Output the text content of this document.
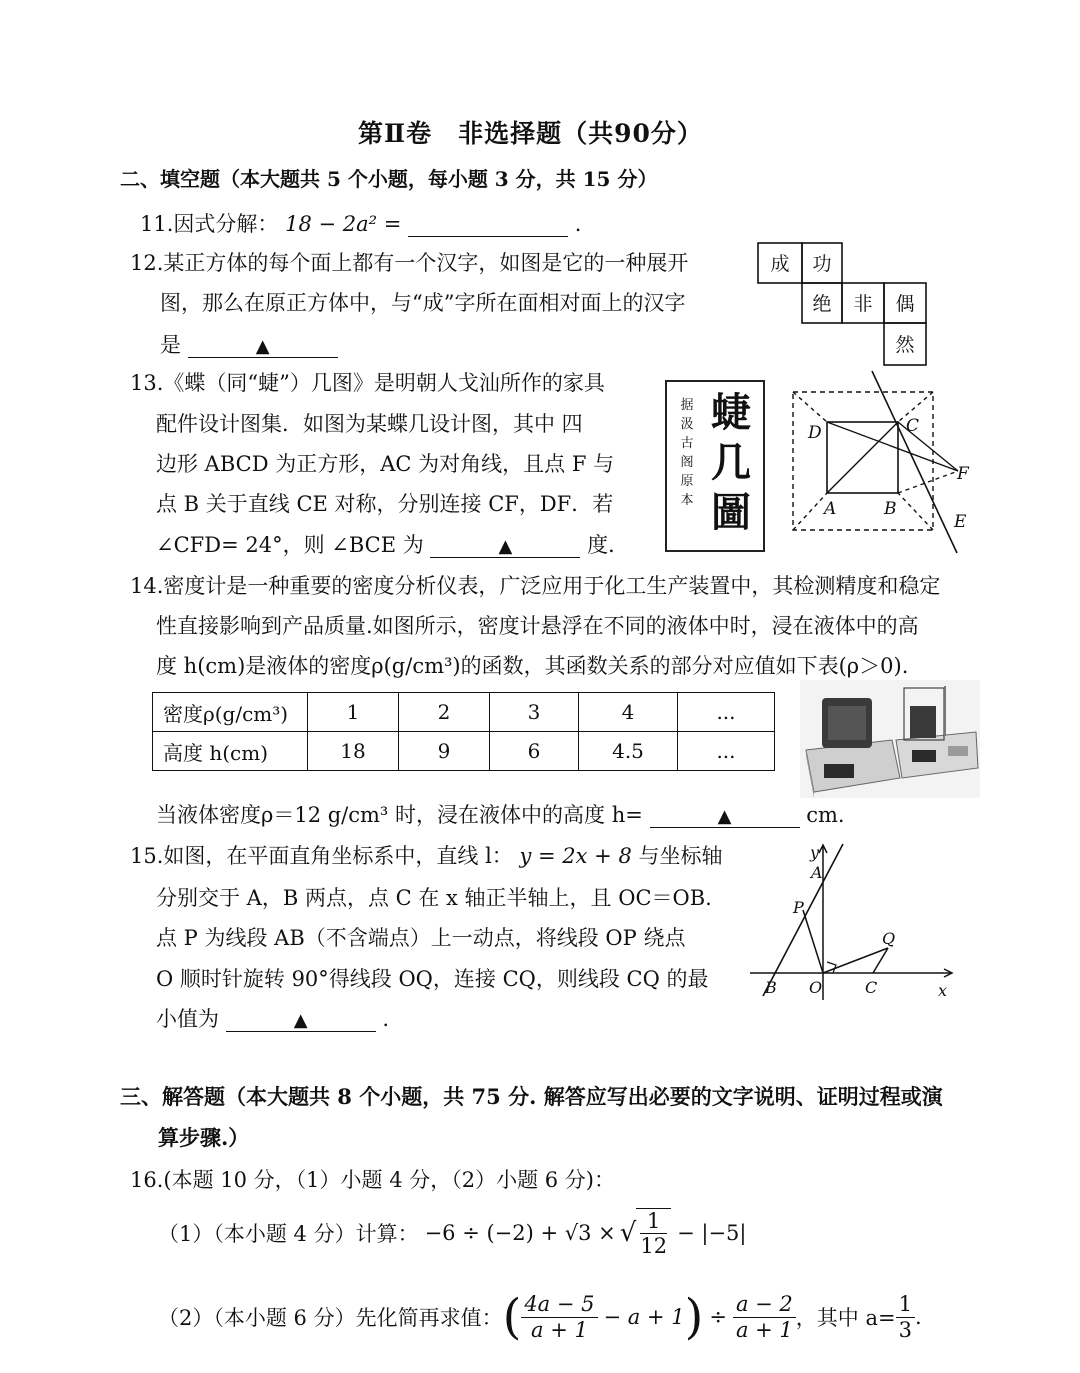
第Ⅱ卷　非选择题（共90分）
二、填空题（本大题共 5 个小题，每小题 3 分，共 15 分）
11.因式分解： 18 − 2a² =	.
12.某正方体的每个面上都有一个汉字，如图是它的一种展开
图，那么在原正方体中，与“成”字所在面相对面上的汉字
是	▲
成 功
绝 非 偶
然
13.《蝶（同“蜨”）几图》是明朝人戈汕所作的家具
配件设计图集．如图为某蝶几设计图，其中 四
边形 ABCD 为正方形，AC 为对角线，且点 F 与
点 B 关于直线 CE 对称，分别连接 CF，DF．若
∠CFD= 24°，则 ∠BCE 为	▲	度．
据
汲
古
阁
原
本
蜨
几
圖
D	C
A	B
F
E
14.密度计是一种重要的密度分析仪表，广泛应用于化工生产装置中，其检测精度和稳定
性直接影响到产品质量.如图所示，密度计悬浮在不同的液体中时，浸在液体中的高
度 h(cm)是液体的密度ρ(g/cm³)的函数，其函数关系的部分对应值如下表(ρ＞0).
密度ρ(g/cm³)	1	2	3	4	...
高度 h(cm)	18	9	6	4.5	...
当液体密度ρ＝12 g/cm³ 时，浸在液体中的高度 h=	▲	cm.
15.如图，在平面直角坐标系中，直线 l： y = 2x + 8 与坐标轴
分别交于 A，B 两点，点 C 在 x 轴正半轴上，且 OC＝OB.
点 P 为线段 AB（不含端点）上一动点，将线段 OP 绕点
O 顺时针旋转 90°得线段 OQ，连接 CQ，则线段 CQ 的最
小值为	▲	.
y
A
P
Q
B O	C	x
三、解答题（本大题共 8 个小题，共 75 分. 解答应写出必要的文字说明、证明过程或演
算步骤.）
16.(本题 10 分，（1）小题 4 分，（2）小题 6 分)：
（1）（本小题 4 分）计算： −6 ÷ (−2) + √3 × √ $\frac{1}{12} - |-5|$
（2）（本小题 6 分）先化简再求值： ( $\frac{4a - 5}{a + 1} - a + 1$ ) ÷ $\frac{a - 2}{a + 1}$ ，其中 $a= \frac{1}{3}$ .
